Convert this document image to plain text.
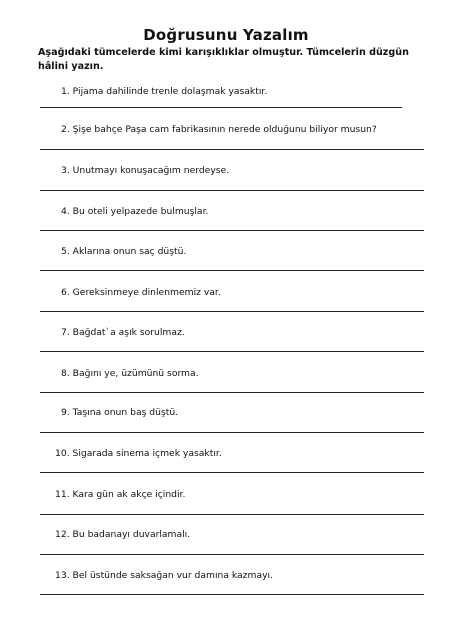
Doğrusunu Yazalım
Aşağıdaki tümcelerde kimi karışıklıklar olmuştur. Tümcelerin düzgün hâlini yazın.
1. Pijama dahilinde trenle dolaşmak yasaktır.
2. Şişe bahçe Paşa cam fabrikasının nerede olduğunu biliyor musun?
3. Unutmayı konuşacağım nerdeyse.
4. Bu oteli yelpazede bulmuşlar.
5. Aklarına onun saç düştü.
6. Gereksinmeye dinlenmemiz var.
7. Bağdat`a aşık sorulmaz.
8. Bağını ye, üzümünü sorma.
9. Taşına onun baş düştü.
10. Sigarada sinema içmek yasaktır.
11. Kara gün ak akçe içindir.
12. Bu badanayı duvarlamalı.
13. Bel üstünde saksağan vur damına kazmayı.
